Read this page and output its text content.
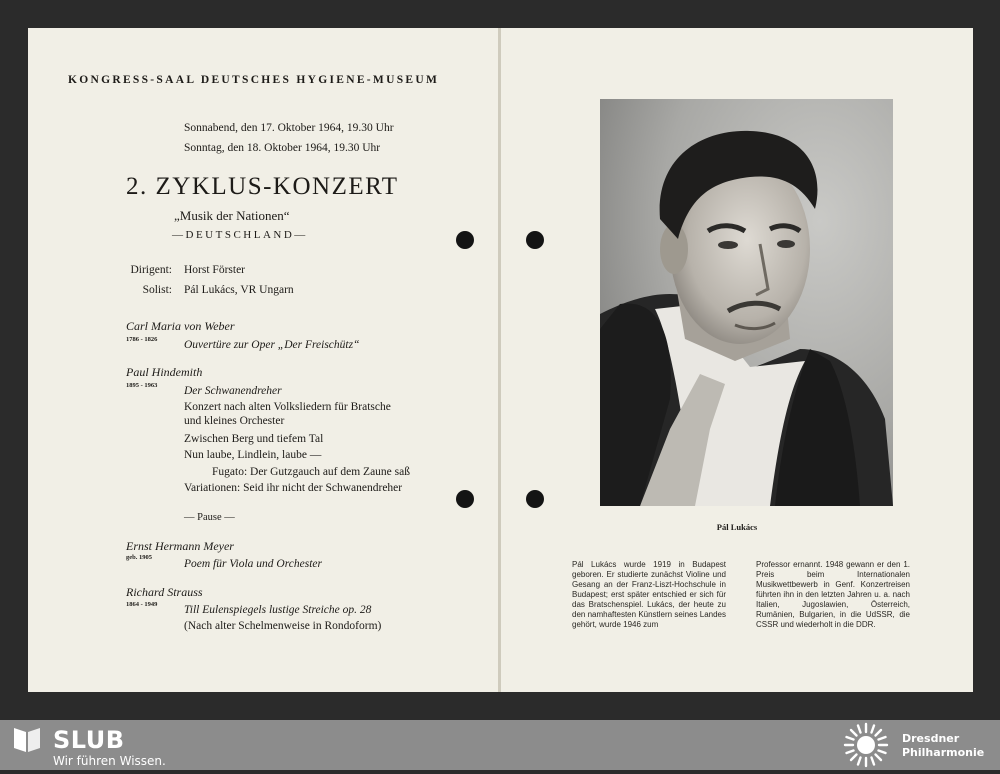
KONGRESS-SAAL DEUTSCHES HYGIENE-MUSEUM
Sonnabend, den 17. Oktober 1964, 19.30 Uhr
Sonntag, den 18. Oktober 1964, 19.30 Uhr
2. ZYKLUS-KONZERT
„Musik der Nationen“
—DEUTSCHLAND—
Dirigent: Horst Förster
Solist: Pál Lukács, VR Ungarn
Carl Maria von Weber
1786 - 1826 Ouvertüre zur Oper „Der Freischütz“
Paul Hindemith
1895 - 1963 Der Schwanendreher
Konzert nach alten Volksliedern für Bratsche
und kleines Orchester
Zwischen Berg und tiefem Tal
Nun laube, Lindlein, laube —
Fugato: Der Gutzgauch auf dem Zaune saß
Variationen: Seid ihr nicht der Schwanendreher
— Pause —
Ernst Hermann Meyer
geb. 1905
Poem für Viola und Orchester
Richard Strauss
1864 - 1949 Till Eulenspiegels lustige Streiche op. 28
(Nach alter Schelmenweise in Rondoform)
Pál Lukács
Pál Lukács wurde 1919 in Budapest geboren. Er studierte zunächst Violine und Gesang an der Franz-Liszt-Hochschule in Budapest; erst später entschied er sich für das Bratschenspiel. Lukács, der heute zu den namhaftesten Künstlern seines Landes gehört, wurde 1946 zum
Professor ernannt. 1948 gewann er den 1. Preis beim Internationalen Musikwettbewerb in Genf. Konzertreisen führten ihn in den letzten Jahren u. a. nach Italien, Jugoslawien, Österreich, Rumänien, Bulgarien, in die UdSSR, die CSSR und wiederholt in die DDR.
SLUB
Wir führen Wissen.
Dresdner
Philharmonie
